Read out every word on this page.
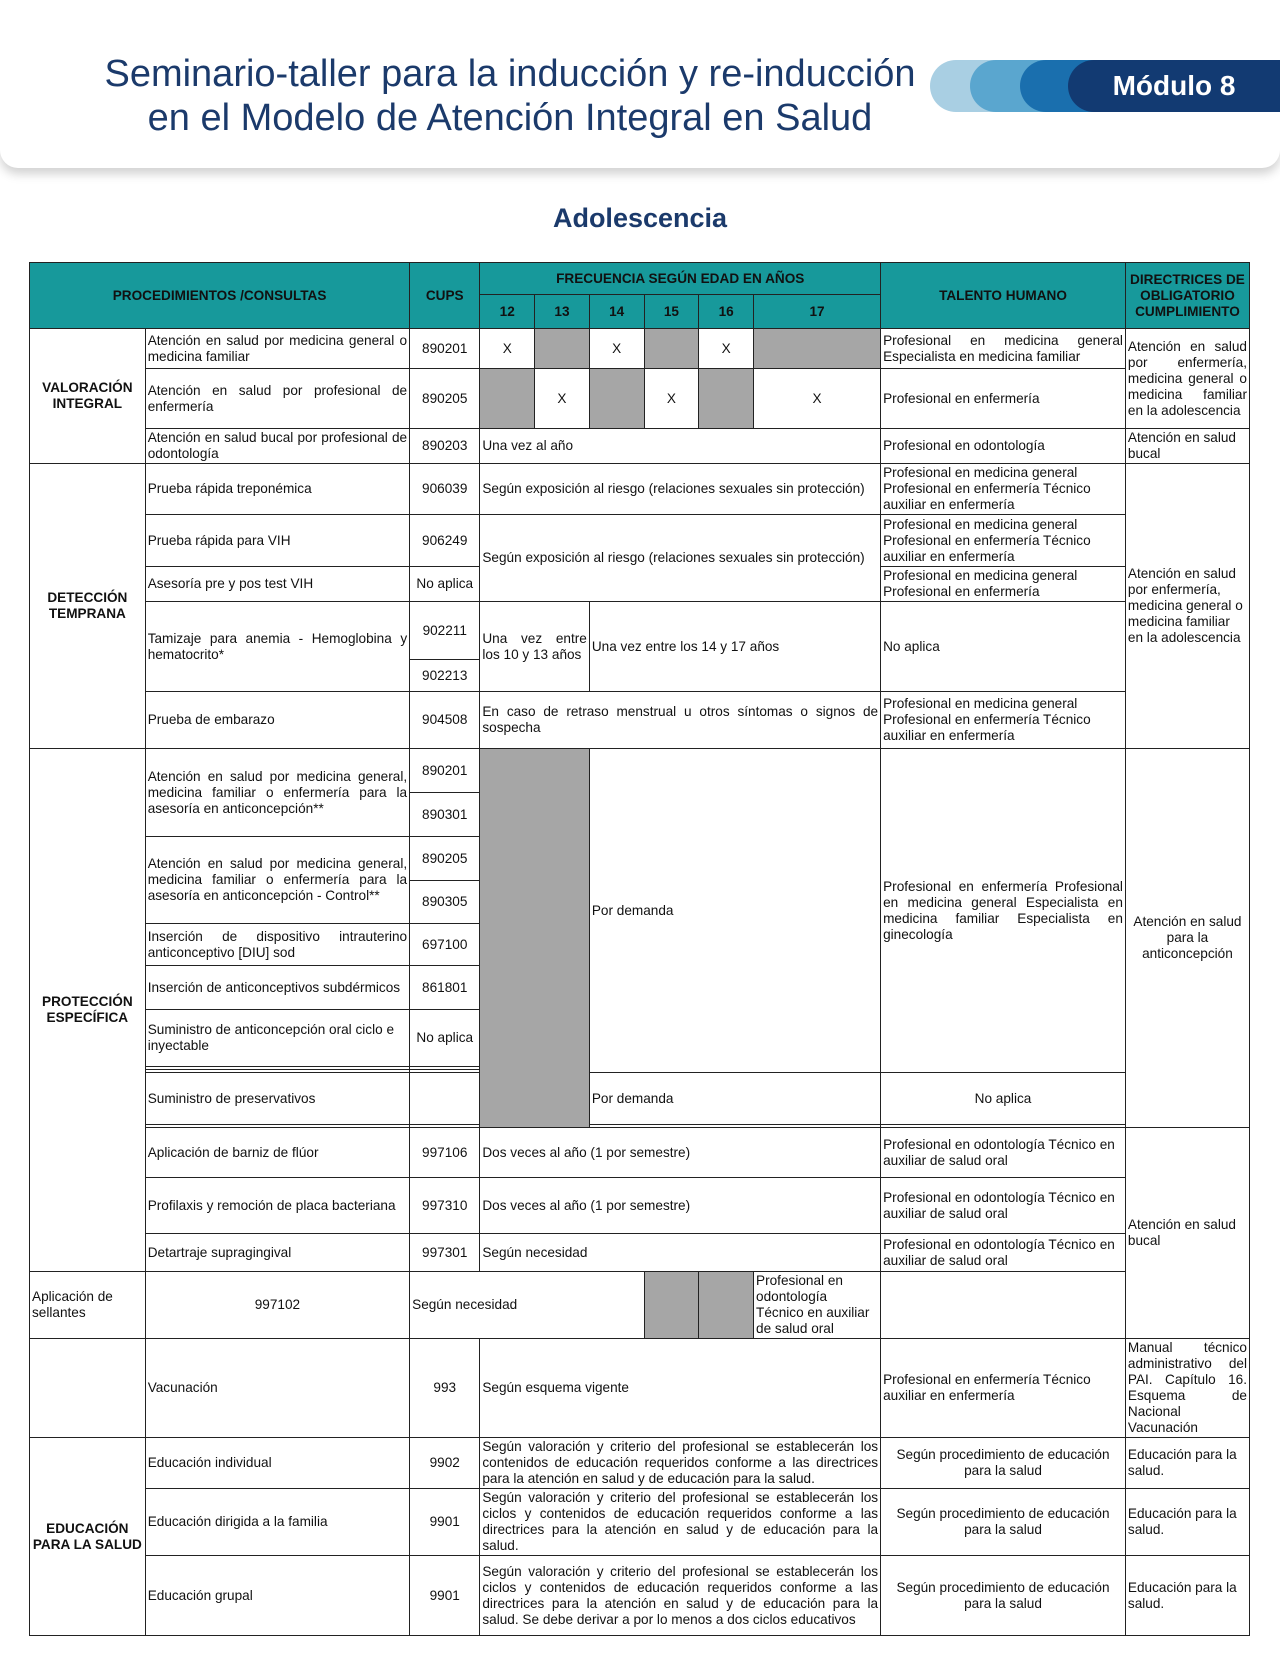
Seminario-taller para la inducción y re-inducción
en el Modelo de Atención Integral en Salud
Módulo 8
Adolescencia
PROCEDIMIENTOS /CONSULTAS		CUPS	FRECUENCIA SEGÚN EDAD EN AÑOS						TALENTO HUMANO	DIRECTRICES DE OBLIGATORIO CUMPLIMIENTO
			12	13	14	15	16	17		
VALORACIÓN INTEGRAL	Atención en salud por medicina general o medicina familiar	890201	X		X		X		Profesional en medicina general Especialista en medicina familiar	Atención en salud por enfermería, medicina general o medicina familiar en la adolescencia
	Atención en salud por profesional de enfermería	890205		X		X		X	Profesional en enfermería	
	Atención en salud bucal por profesional de odontología	890203	Una vez al año						Profesional en odontología	Atención en salud bucal
DETECCIÓN TEMPRANA	Prueba rápida treponémica	906039	Según exposición al riesgo (relaciones sexuales sin protección)						Profesional en medicina general Profesional en enfermería Técnico auxiliar en enfermería	Atención en salud por enfermería, medicina general o medicina familiar en la adolescencia
	Prueba rápida para VIH	906249	Según exposición al riesgo (relaciones sexuales sin protección)						Profesional en medicina general Profesional en enfermería Técnico auxiliar en enfermería	
	Asesoría pre y pos test VIH	No aplica							Profesional en medicina general Profesional en enfermería	
	Tamizaje para anemia - Hemoglobina y hematocrito*	902211	Una vez entre los 10 y 13 años		Una vez entre los 14 y 17 años				No aplica	
		902213								
	Prueba de embarazo	904508	En caso de retraso menstrual u otros síntomas o signos de sospecha						Profesional en medicina general Profesional en enfermería Técnico auxiliar en enfermería	
PROTECCIÓN ESPECÍFICA	Atención en salud por medicina general, medicina familiar o enfermería para la asesoría en anticoncepción**	890201			Por demanda				Profesional en enfermería Profesional en medicina general Especialista en medicina familiar Especialista en ginecología	Atención en salud para la anticoncepción
		890301								
	Atención en salud por medicina general, medicina familiar o enfermería para la asesoría en anticoncepción - Control**	890205								
		890305								
	Inserción de dispositivo intrauterino anticonceptivo [DIU] sod	697100								
	Inserción de anticonceptivos subdérmicos	861801								
	Suministro de anticoncepción oral ciclo e inyectable	No aplica								

	Suministro de preservativos				Por demanda				No aplica	

	Aplicación de barniz de flúor	997106	Dos veces al año (1 por semestre)						Profesional en odontología Técnico en auxiliar de salud oral	Atención en salud bucal
	Profilaxis y remoción de placa bacteriana	997310	Dos veces al año (1 por semestre)						Profesional en odontología Técnico en auxiliar de salud oral	
	Detartraje supragingival	997301	Según necesidad						Profesional en odontología Técnico en auxiliar de salud oral	
Aplicación de sellantes	997102	Según necesidad						Profesional en odontología Técnico en auxiliar de salud oral		
	Vacunación	993	Según esquema vigente						Profesional en enfermería Técnico auxiliar en enfermería	Manual técnico administrativo del PAI. Capítulo 16. Esquema de Nacional Vacunación
EDUCACIÓN PARA LA SALUD	Educación individual	9902	Según valoración y criterio del profesional se establecerán los contenidos de educación requeridos conforme a las directrices para la atención en salud y de educación para la salud.						Según procedimiento de educación para la salud	Educación para la salud.
	Educación dirigida a la familia	9901	Según valoración y criterio del profesional se establecerán los ciclos y contenidos de educación requeridos conforme a las directrices para la atención en salud y de educación para la salud.						Según procedimiento de educación para la salud	Educación para la salud.
	Educación grupal	9901	Según valoración y criterio del profesional se establecerán los ciclos y contenidos de educación requeridos conforme a las directrices para la atención en salud y de educación para la salud. Se debe derivar a por lo menos a dos ciclos educativos						Según procedimiento de educación para la salud	Educación para la salud.
